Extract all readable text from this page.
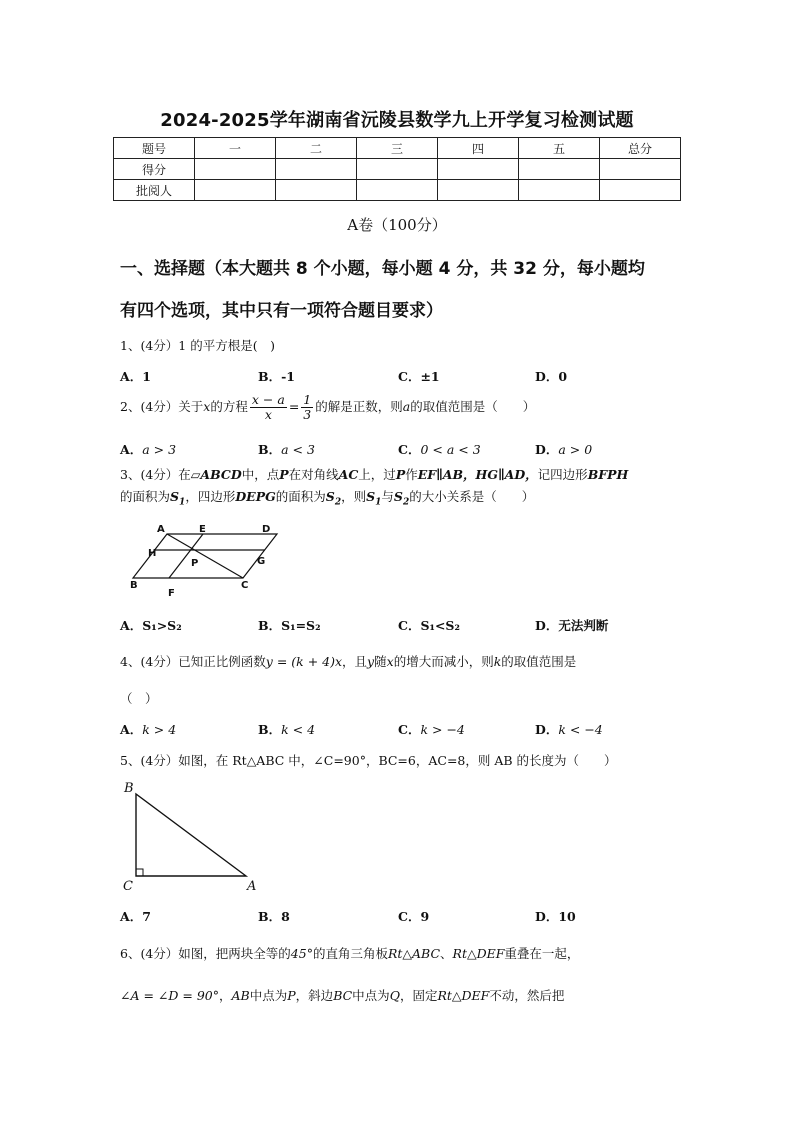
2024-2025学年湖南省沅陵县数学九上开学复习检测试题
题号	一	二	三	四	五	总分
得分						
批阅人						
A卷（100分）
一、选择题（本大题共 8 个小题，每小题 4 分，共 32 分，每小题均
有四个选项，其中只有一项符合题目要求）
1、(4分）1 的平方根是(　)
A．1	B．-1	C．±1	D．0
2、(4分）关于x的方程 $\frac{x - a}{x} = \frac{1}{3}$ 的解是正数，则a的取值范围是（　　）
A．a > 3	B．a < 3	C．0 < a < 3	D．a > 0
3、(4分）在▱ABCD中，点P在对角线AC上，过P作EF∥AB，HG∥AD，记四边形BFPH
的面积为$S_1$，四边形DEPG的面积为$S_2$，则$S_1$与$S_2$的大小关系是（　　）
A	E	D
H
G
P
B
F
C
A．S₁>S₂	B．S₁=S₂	C．S₁<S₂	D．无法判断
4、(4分）已知正比例函数y = (k + 4)x，且y随x的增大而减小，则k的取值范围是
（　）
A．k > 4	B．k < 4	C．k > −4	D．k < −4
5、(4分）如图，在 Rt△ABC 中，∠C=90°，BC=6，AC=8，则 AB 的长度为（　　）
B
C	A
A．7	B．8	C．9	D．10
6、(4分）如图，把两块全等的45°的直角三角板Rt△ABC、Rt△DEF重叠在一起，
∠A = ∠D = 90°，AB中点为P，斜边BC中点为Q，固定Rt△DEF不动，然后把
